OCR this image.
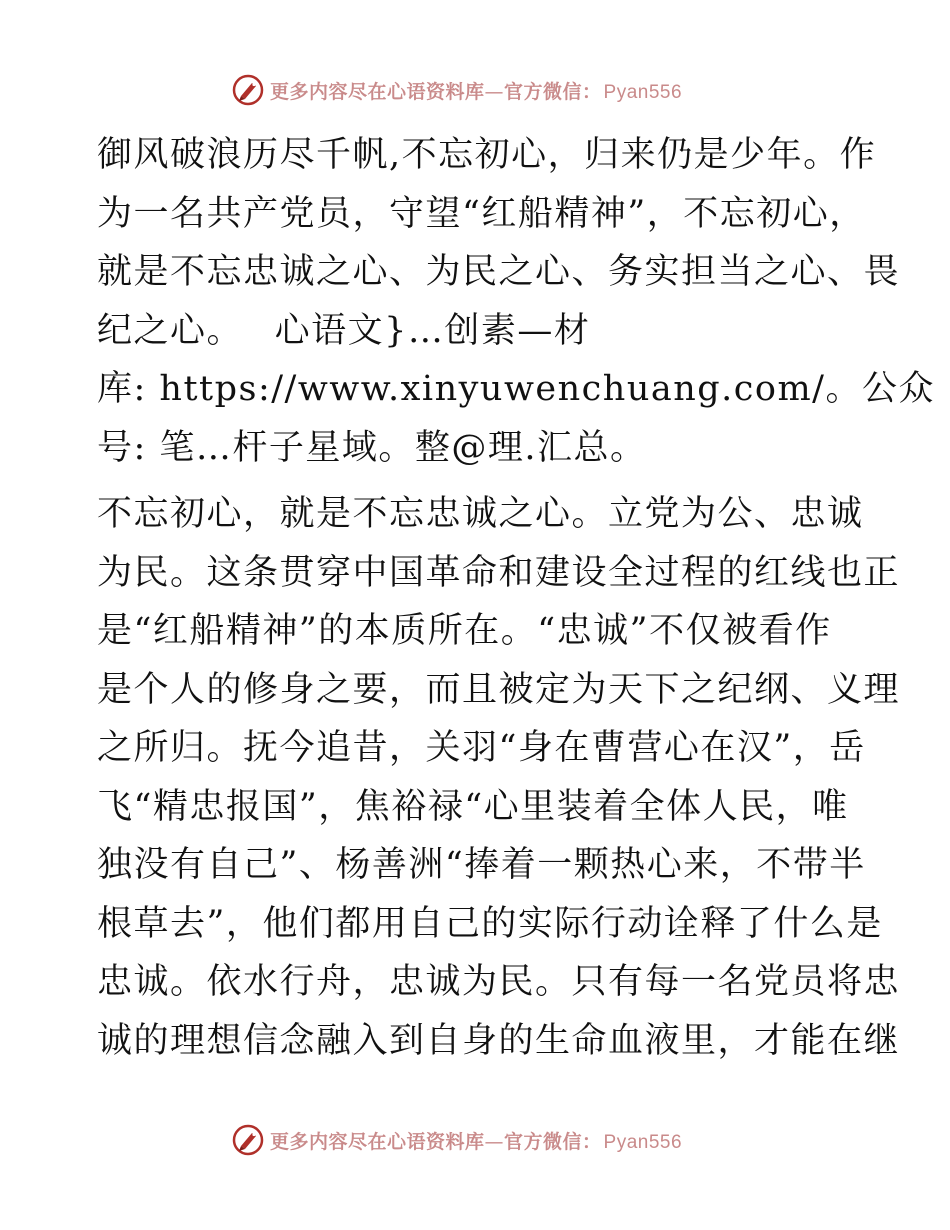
更多内容尽在心语资料库—官方微信： Pyan556

御风破浪历尽千帆,不忘初心，归来仍是少年。作
为一名共产党员，守望“红船精神”，不忘初心，
就是不忘忠诚之心、为民之心、务实担当之心、畏
纪之心。　 心语文}…创素—材
库: https://www.xinyuwenchuang.com/。公众
号: 笔…杆子星域。整@理.汇总。

不忘初心，就是不忘忠诚之心。立党为公、忠诚
为民。这条贯穿中国革命和建设全过程的红线也正
是“红船精神”的本质所在。“忠诚”不仅被看作
是个人的修身之要，而且被定为天下之纪纲、义理
之所归。抚今追昔，关羽“身在曹营心在汉”，岳
飞“精忠报国”，焦裕禄“心里装着全体人民，唯
独没有自己”、杨善洲“捧着一颗热心来，不带半
根草去”，他们都用自己的实际行动诠释了什么是
忠诚。依水行舟，忠诚为民。只有每一名党员将忠
诚的理想信念融入到自身的生命血液里，才能在继

更多内容尽在心语资料库—官方微信： Pyan556
